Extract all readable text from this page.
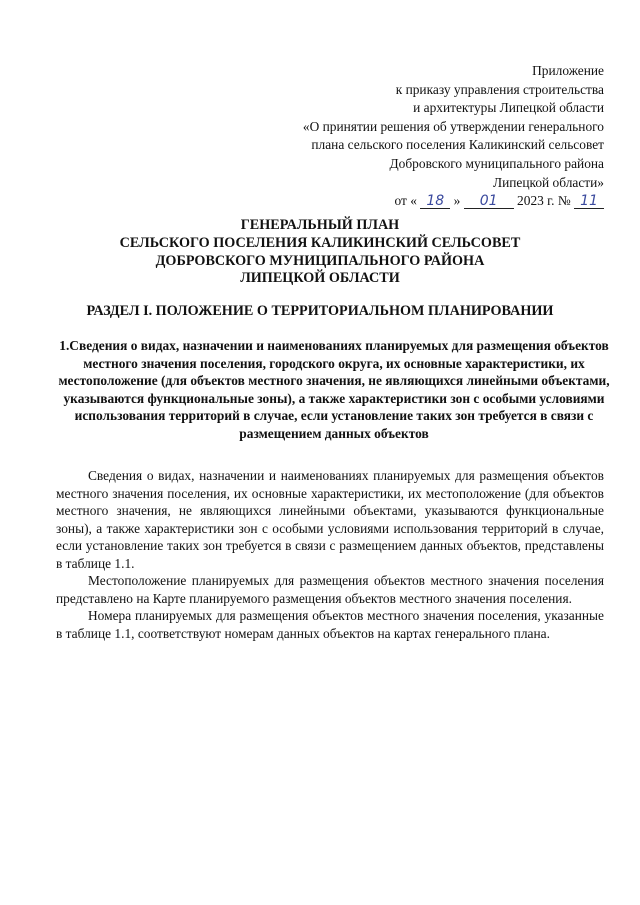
Приложение
к приказу управления строительства
и архитектуры Липецкой области
«О принятии решения об утверждении генерального
плана сельского поселения Каликинский сельсовет
Добровского муниципального района
Липецкой области»
от « 18 » 01 2023 г. № 11
ГЕНЕРАЛЬНЫЙ ПЛАН
СЕЛЬСКОГО ПОСЕЛЕНИЯ КАЛИКИНСКИЙ СЕЛЬСОВЕТ
ДОБРОВСКОГО МУНИЦИПАЛЬНОГО РАЙОНА
ЛИПЕЦКОЙ ОБЛАСТИ
РАЗДЕЛ I. ПОЛОЖЕНИЕ О ТЕРРИТОРИАЛЬНОМ ПЛАНИРОВАНИИ
1.Сведения о видах, назначении и наименованиях планируемых для размещения объектов местного значения поселения, городского округа, их основные характеристики, их местоположение (для объектов местного значения, не являющихся линейными объектами, указываются функциональные зоны), а также характеристики зон с особыми условиями использования территорий в случае, если установление таких зон требуется в связи с размещением данных объектов

Сведения о видах, назначении и наименованиях планируемых для размещения объектов местного значения поселения, их основные характеристики, их местоположение (для объектов местного значения, не являющихся линейными объектами, указываются функциональные зоны), а также характеристики зон с особыми условиями использования территорий в случае, если установление таких зон требуется в связи с размещением данных объектов, представлены в таблице 1.1.

Местоположение планируемых для размещения объектов местного значения поселения представлено на Карте планируемого размещения объектов местного значения поселения.

Номера планируемых для размещения объектов местного значения поселения, указанные в таблице 1.1, соответствуют номерам данных объектов на картах генерального плана.
